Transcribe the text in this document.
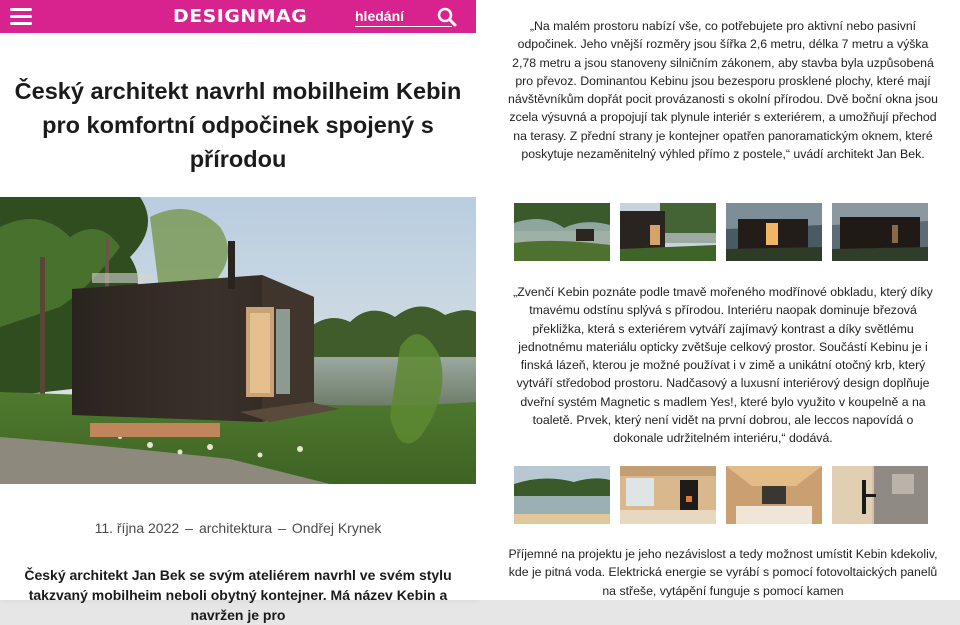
DESIGNMAG
hledání
Český architekt navrhl mobilheim Kebin pro komfortní odpočinek spojený s přírodou
11. října 2022 – architektura – Ondřej Krynek

Český architekt Jan Bek se svým ateliérem navrhl ve svém stylu takzvaný mobilheim neboli obytný kontejner. Má název Kebin a navržen je pro

„Na malém prostoru nabízí vše, co potřebujete pro aktivní nebo pasivní odpočinek. Jeho vnější rozměry jsou šířka 2,6 metru, délka 7 metru a výška 2,78 metru a jsou stanoveny silničním zákonem, aby stavba byla uzpůsobená pro převoz. Dominantou Kebinu jsou bezesporu prosklené plochy, které mají návštěvníkům dopřát pocit provázanosti s okolní přírodou. Dvě boční okna jsou zcela výsuvná a propojují tak plynule interiér s exteriérem, a umožňují přechod na terasy. Z přední strany je kontejner opatřen panoramatickým oknem, které poskytuje nezaměnitelný výhled přímo z postele,“ uvádí architekt Jan Bek.

„Zvenčí Kebin poznáte podle tmavě mořeného modřínové obkladu, který díky tmavému odstínu splývá s přírodou. Interiéru naopak dominuje březová překližka, která s exteriérem vytváří zajímavý kontrast a díky světlému jednotnému materiálu opticky zvětšuje celkový prostor. Součástí Kebinu je i finská lázeň, kterou je možné používat i v zimě a unikátní otočný krb, který vytváří středobod prostoru. Nadčasový a luxusní interiérový design doplňuje dveřní systém Magnetic s madlem Yes!, které bylo využito v koupelně a na toaletě. Prvek, který není vidět na první dobrou, ale leccos napovídá o dokonale udržitelném interiéru,“ dodává.

Příjemné na projektu je jeho nezávislost a tedy možnost umístit Kebin kdekoliv, kde je pitná voda. Elektrická energie se vyrábí s pomocí fotovoltaických panelů na střeše, vytápění funguje s pomocí kamen
